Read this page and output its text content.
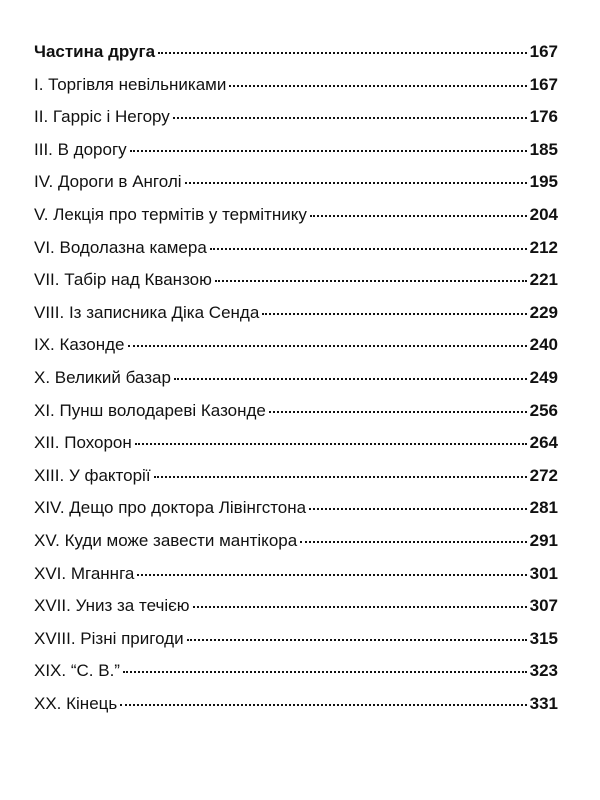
Частина друга	167
I. Торгівля невільниками	167
II. Гарріс і Негору	176
III. В дорогу	185
IV. Дороги в Анголі	195
V. Лекція про термітів у термітнику	204
VI. Водолазна камера	212
VII. Табір над Кванзою	221
VIII. Із записника Діка Сенда	229
IX. Казонде	240
X. Великий базар	249
XI. Пунш володареві Казонде	256
XII. Похорон	264
XIII. У факторії	272
XIV. Дещо про доктора Лівінгстона	281
XV. Куди може завести мантікора	291
XVI. Мганнга	301
XVII. Униз за течією	307
XVIII. Різні пригоди	315
XIX. “С. В.”	323
XX. Кінець	331
